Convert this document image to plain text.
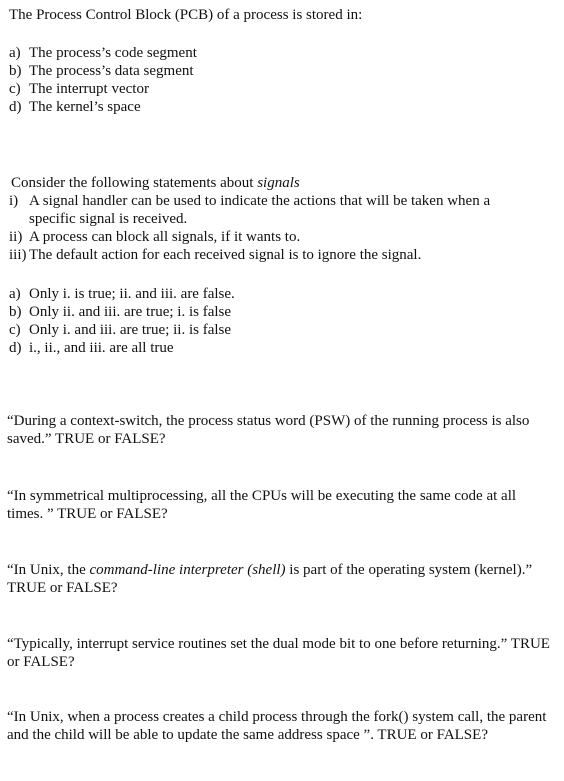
The Process Control Block (PCB) of a process is stored in:
a) The process’s code segment
b) The process’s data segment
c) The interrupt vector
d) The kernel’s space
Consider the following statements about signals
i) A signal handler can be used to indicate the actions that will be taken when a specific signal is received.
ii) A process can block all signals, if it wants to.
iii) The default action for each received signal is to ignore the signal.
a) Only i. is true; ii. and iii. are false.
b) Only ii. and iii. are true; i. is false
c) Only i. and iii. are true; ii. is false
d) i., ii., and iii. are all true
“During a context-switch, the process status word (PSW) of the running process is also saved.” TRUE or FALSE?
“In symmetrical multiprocessing, all the CPUs will be executing the same code at all times. ” TRUE or FALSE?
“In Unix, the command-line interpreter (shell) is part of the operating system (kernel).” TRUE or FALSE?
“Typically, interrupt service routines set the dual mode bit to one before returning.” TRUE or FALSE?
“In Unix, when a process creates a child process through the fork() system call, the parent and the child will be able to update the same address space ”. TRUE or FALSE?
